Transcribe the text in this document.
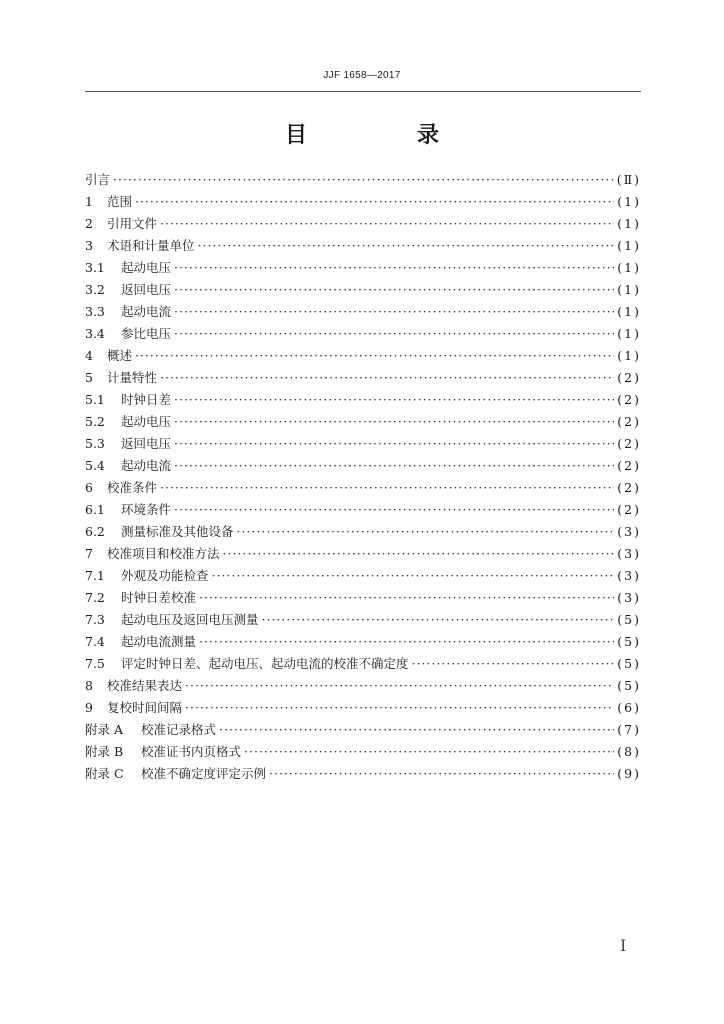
JJF 1658—2017
目　录
引言 ·····	(Ⅱ)
1	范围 ·····	(1)
2	引用文件 ·····	(1)
3	术语和计量单位 ·····	(1)
3.1	起动电压 ·····	(1)
3.2	返回电压 ·····	(1)
3.3	起动电流 ·····	(1)
3.4	参比电压 ·····	(1)
4	概述 ·····	(1)
5	计量特性 ·····	(2)
5.1	时钟日差 ·····	(2)
5.2	起动电压 ·····	(2)
5.3	返回电压 ·····	(2)
5.4	起动电流 ·····	(2)
6	校准条件 ·····	(2)
6.1	环境条件 ·····	(2)
6.2	测量标准及其他设备 ·····	(3)
7	校准项目和校准方法 ·····	(3)
7.1	外观及功能检查 ·····	(3)
7.2	时钟日差校准 ·····	(3)
7.3	起动电压及返回电压测量 ·····	(5)
7.4	起动电流测量 ·····	(5)
7.5	评定时钟日差、起动电压、起动电流的校准不确定度 ·····	(5)
8	校准结果表达 ·····	(5)
9	复校时间间隔 ·····	(6)
附录 A	校准记录格式 ·····	(7)
附录 B	校准证书内页格式 ·····	(8)
附录 C	校准不确定度评定示例 ·····	(9)
Ⅰ
